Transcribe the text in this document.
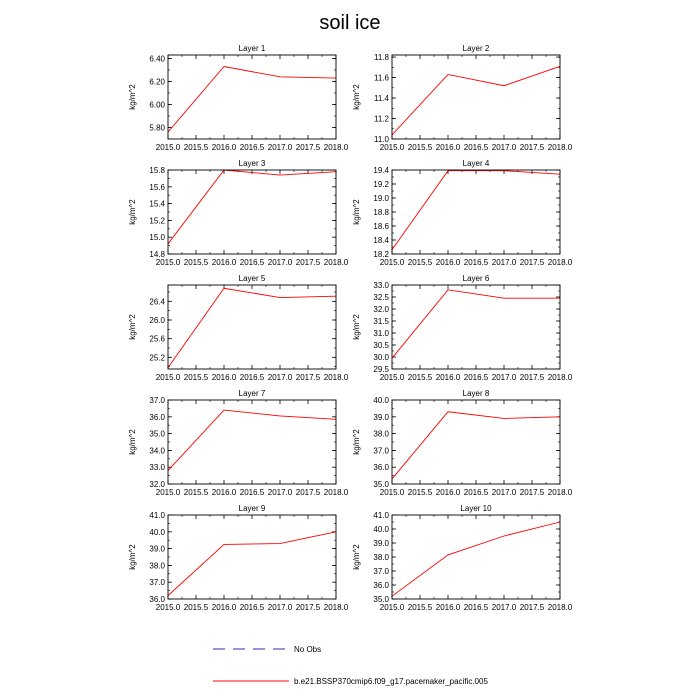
soil ice
Layer 1
2015.0 2015.5 2016.0 2016.5 2017.0 2017.5 2018.0
5.80
6.00
6.20
6.40
kg/m^2
Layer 2
2015.0 2015.5 2016.0 2016.5 2017.0 2017.5 2018.0
11.0
11.2
11.4
11.6
11.8
kg/m^2
Layer 3
2015.0 2015.5 2016.0 2016.5 2017.0 2017.5 2018.0
14.8
15.0
15.2
15.4
15.6
15.8
kg/m^2
Layer 4
2015.0 2015.5 2016.0 2016.5 2017.0 2017.5 2018.0
18.2
18.4
18.6
18.8
19.0
19.2
19.4
kg/m^2
Layer 5
2015.0 2015.5 2016.0 2016.5 2017.0 2017.5 2018.0
25.2
25.6
26.0
26.4
kg/m^2
Layer 6
2015.0 2015.5 2016.0 2016.5 2017.0 2017.5 2018.0
29.5
30.0
30.5
31.0
31.5
32.0
32.5
33.0
kg/m^2
Layer 7
2015.0 2015.5 2016.0 2016.5 2017.0 2017.5 2018.0
32.0
33.0
34.0
35.0
36.0
37.0
kg/m^2
Layer 8
2015.0 2015.5 2016.0 2016.5 2017.0 2017.5 2018.0
35.0
36.0
37.0
38.0
39.0
40.0
kg/m^2
Layer 9
2015.0 2015.5 2016.0 2016.5 2017.0 2017.5 2018.0
36.0
37.0
38.0
39.0
40.0
41.0
kg/m^2
Layer 10
2015.0 2015.5 2016.0 2016.5 2017.0 2017.5 2018.0
35.0
36.0
37.0
38.0
39.0
40.0
41.0
kg/m^2
No Obs
b.e21.BSSP370cmip6.f09_g17.pacemaker_pacific.005
